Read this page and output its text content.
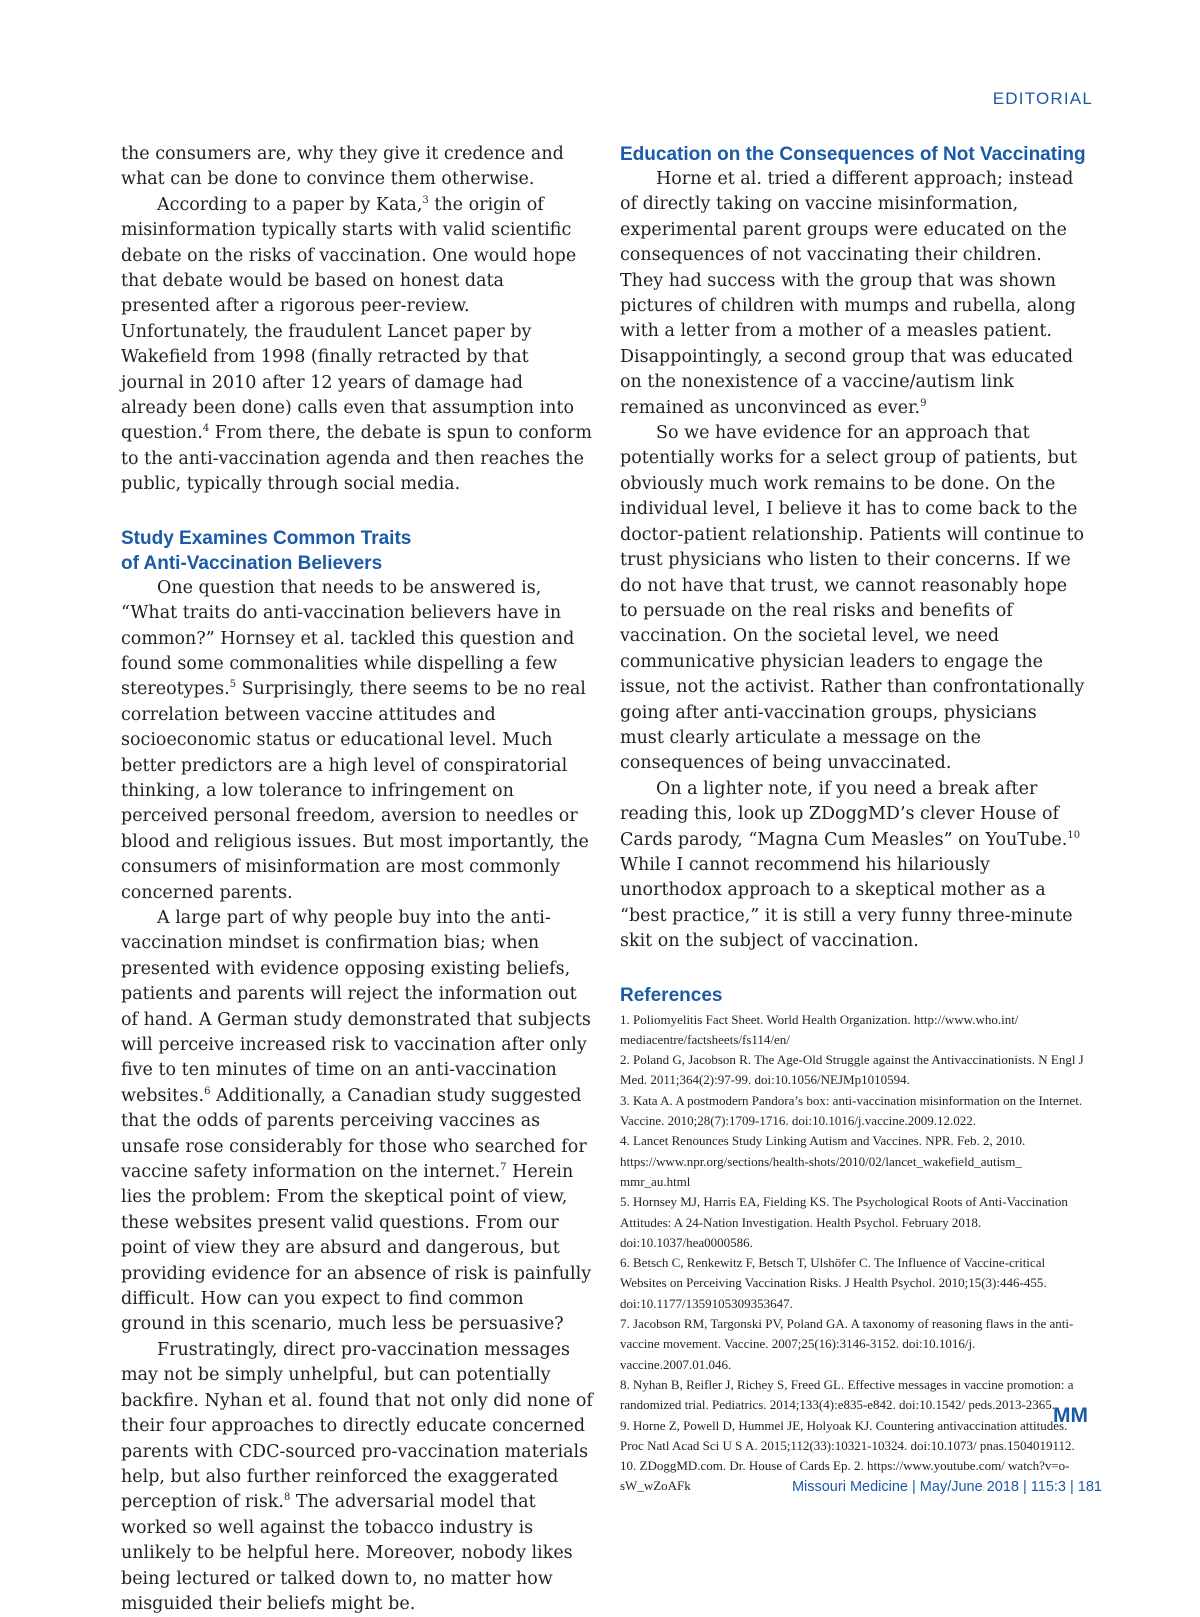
EDITORIAL

the consumers are, why they give it credence and what can be done to convince them otherwise.

According to a paper by Kata,$^3$ the origin of misinformation typically starts with valid scientific debate on the risks of vaccination. One would hope that debate would be based on honest data presented after a rigorous peer-review. Unfortunately, the fraudulent Lancet paper by Wakefield from 1998 (finally retracted by that journal in 2010 after 12 years of damage had already been done) calls even that assumption into question.$^4$ From there, the debate is spun to conform to the anti-vaccination agenda and then reaches the public, typically through social media.

Study Examines Common Traits
of Anti-Vaccination Believers

One question that needs to be answered is, “What traits do anti-vaccination believers have in common?” Hornsey et al. tackled this question and found some commonalities while dispelling a few stereotypes.$^5$ Surprisingly, there seems to be no real correlation between vaccine attitudes and socioeconomic status or educational level. Much better predictors are a high level of conspiratorial thinking, a low tolerance to infringement on perceived personal freedom, aversion to needles or blood and religious issues. But most importantly, the consumers of misinformation are most commonly concerned parents.

A large part of why people buy into the anti-vaccination mindset is confirmation bias; when presented with evidence opposing existing beliefs, patients and parents will reject the information out of hand. A German study demonstrated that subjects will perceive increased risk to vaccination after only five to ten minutes of time on an anti-vaccination websites.$^6$ Additionally, a Canadian study suggested that the odds of parents perceiving vaccines as unsafe rose considerably for those who searched for vaccine safety information on the internet.$^7$ Herein lies the problem: From the skeptical point of view, these websites present valid questions. From our point of view they are absurd and dangerous, but providing evidence for an absence of risk is painfully difficult. How can you expect to find common ground in this scenario, much less be persuasive?

Frustratingly, direct pro-vaccination messages may not be simply unhelpful, but can potentially backfire. Nyhan et al. found that not only did none of their four approaches to directly educate concerned parents with CDC-sourced pro-vaccination materials help, but also further reinforced the exaggerated perception of risk.$^8$ The adversarial model that worked so well against the tobacco industry is unlikely to be helpful here. Moreover, nobody likes being lectured or talked down to, no matter how misguided their beliefs might be.

Education on the Consequences of Not Vaccinating

Horne et al. tried a different approach; instead of directly taking on vaccine misinformation, experimental parent groups were educated on the consequences of not vaccinating their children. They had success with the group that was shown pictures of children with mumps and rubella, along with a letter from a mother of a measles patient. Disappointingly, a second group that was educated on the nonexistence of a vaccine/autism link remained as unconvinced as ever.$^9$

So we have evidence for an approach that potentially works for a select group of patients, but obviously much work remains to be done. On the individual level, I believe it has to come back to the doctor-patient relationship. Patients will continue to trust physicians who listen to their concerns. If we do not have that trust, we cannot reasonably hope to persuade on the real risks and benefits of vaccination. On the societal level, we need communicative physician leaders to engage the issue, not the activist. Rather than confrontationally going after anti-vaccination groups, physicians must clearly articulate a message on the consequences of being unvaccinated.

On a lighter note, if you need a break after reading this, look up ZDoggMD’s clever House of Cards parody, “Magna Cum Measles” on YouTube.$^{10}$ While I cannot recommend his hilariously unorthodox approach to a skeptical mother as a “best practice,” it is still a very funny three-minute skit on the subject of vaccination.

References

1. Poliomyelitis Fact Sheet. World Health Organization. http://www.who.int/ mediacentre/factsheets/fs114/en/

2. Poland G, Jacobson R. The Age-Old Struggle against the Antivaccinationists. N Engl J Med. 2011;364(2):97-99. doi:10.1056/NEJMp1010594.

3. Kata A. A postmodern Pandora’s box: anti-vaccination misinformation on the Internet. Vaccine. 2010;28(7):1709-1716. doi:10.1016/j.vaccine.2009.12.022.

4. Lancet Renounces Study Linking Autism and Vaccines. NPR. Feb. 2, 2010. https://www.npr.org/sections/health-shots/2010/02/lancet_wakefield_autism_ mmr_au.html

5. Hornsey MJ, Harris EA, Fielding KS. The Psychological Roots of Anti-Vaccination Attitudes: A 24-Nation Investigation. Health Psychol. February 2018. doi:10.1037/hea0000586.

6. Betsch C, Renkewitz F, Betsch T, Ulshöfer C. The Influence of Vaccine-critical Websites on Perceiving Vaccination Risks. J Health Psychol. 2010;15(3):446-455. doi:10.1177/1359105309353647.

7. Jacobson RM, Targonski PV, Poland GA. A taxonomy of reasoning flaws in the anti-vaccine movement. Vaccine. 2007;25(16):3146-3152. doi:10.1016/j. vaccine.2007.01.046.

8. Nyhan B, Reifler J, Richey S, Freed GL. Effective messages in vaccine promotion: a randomized trial. Pediatrics. 2014;133(4):e835-e842. doi:10.1542/ peds.2013-2365.

9. Horne Z, Powell D, Hummel JE, Holyoak KJ. Countering antivaccination attitudes. Proc Natl Acad Sci U S A. 2015;112(33):10321-10324. doi:10.1073/ pnas.1504019112.

10. ZDoggMD.com. Dr. House of Cards Ep. 2. https://www.youtube.com/ watch?v=o-sW_wZoAFk

MM
Missouri Medicine | May/June 2018 | 115:3 | 181
